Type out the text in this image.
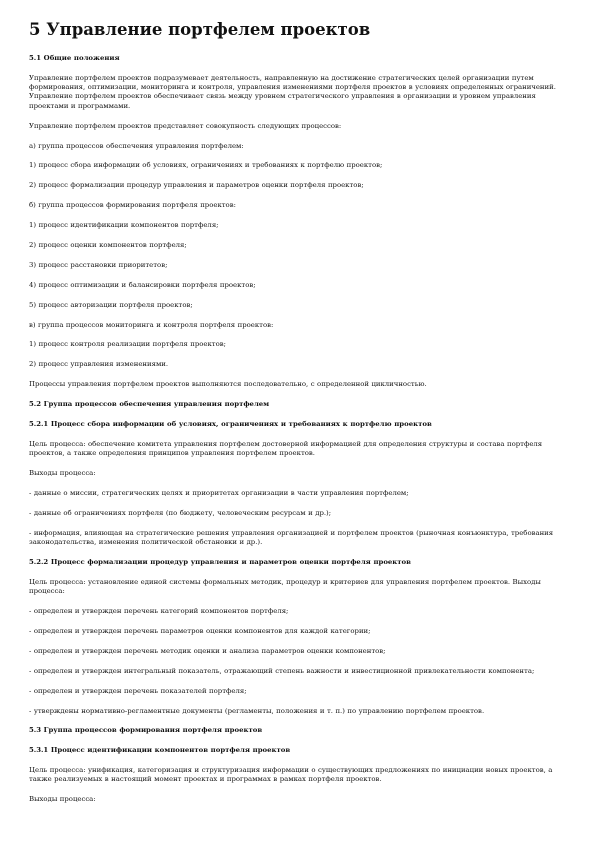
5 Управление портфелем проектов

5.1 Общие положения

Управление портфелем проектов подразумевает деятельность, направленную на достижение стратегических целей организации путем формирования, оптимизации, мониторинга и контроля, управления изменениями портфеля проектов в условиях определенных ограничений. Управление портфелем проектов обеспечивает связь между уровнем стратегического управления в организации и уровнем управления проектами и программами.

Управление портфелем проектов представляет совокупность следующих процессов:

а) группа процессов обеспечения управления портфелем:

1) процесс сбора информации об условиях, ограничениях и требованиях к портфелю проектов;

2) процесс формализации процедур управления и параметров оценки портфеля проектов;

б) группа процессов формирования портфеля проектов:

1) процесс идентификации компонентов портфеля;

2) процесс оценки компонентов портфеля;

3) процесс расстановки приоритетов;

4) процесс оптимизации и балансировки портфеля проектов;

5) процесс авторизации портфеля проектов;

в) группа процессов мониторинга и контроля портфеля проектов:

1) процесс контроля реализации портфеля проектов;

2) процесс управления изменениями.

Процессы управления портфелем проектов выполняются последовательно, с определенной цикличностью.

5.2 Группа процессов обеспечения управления портфелем

5.2.1 Процесс сбора информации об условиях, ограничениях и требованиях к портфелю проектов

Цель процесса: обеспечение комитета управления портфелем достоверной информацией для определения структуры и состава портфеля проектов, а также определения принципов управления портфелем проектов.

Выходы процесса:

- данные о миссии, стратегических целях и приоритетах организации в части управления портфелем;

- данные об ограничениях портфеля (по бюджету, человеческим ресурсам и др.);

- информация, влияющая на стратегические решения управления организацией и портфелем проектов (рыночная конъюнктура, требования законодательства, изменения политической обстановки и др.).

5.2.2 Процесс формализации процедур управления и параметров оценки портфеля проектов

Цель процесса: установление единой системы формальных методик, процедур и критериев для управления портфелем проектов. Выходы процесса:

- определен и утвержден перечень категорий компонентов портфеля;

- определен и утвержден перечень параметров оценки компонентов для каждой категории;

- определен и утвержден перечень методик оценки и анализа параметров оценки компонентов;

- определен и утвержден интегральный показатель, отражающий степень важности и инвестиционной привлекательности компонента;

- определен и утвержден перечень показателей портфеля;

- утверждены нормативно-регламентные документы (регламенты, положения и т. п.) по управлению портфелем проектов.

5.3 Группа процессов формирования портфеля проектов

5.3.1 Процесс идентификации компонентов портфеля проектов

Цель процесса: унификация, категоризация и структуризация информации о существующих предложениях по инициации новых проектов, а также реализуемых в настоящий момент проектах и программах в рамках портфеля проектов.

Выходы процесса:
